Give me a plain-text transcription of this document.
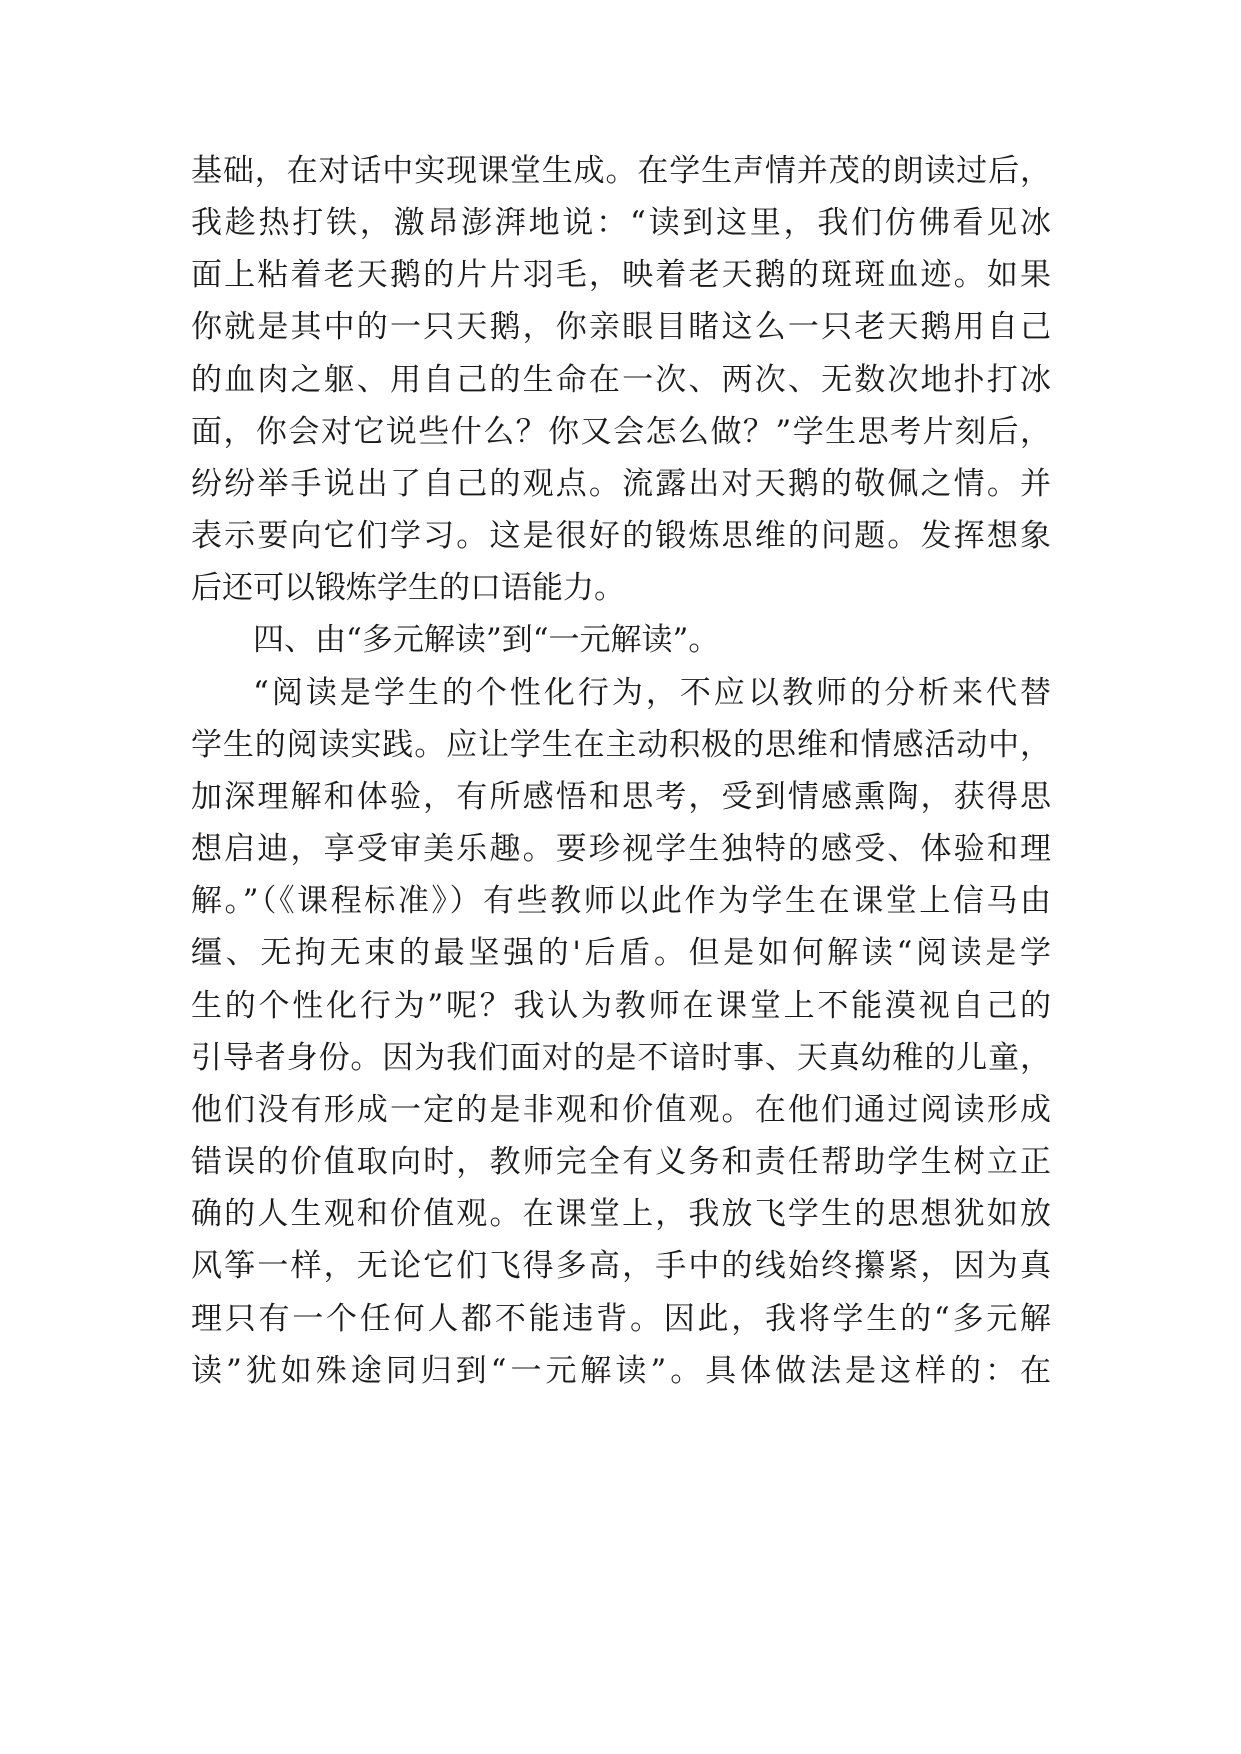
基础，在对话中实现课堂生成。在学生声情并茂的朗读过后，
我趁热打铁，激昂澎湃地说：“读到这里，我们仿佛看见冰
面上粘着老天鹅的片片羽毛，映着老天鹅的斑斑血迹。如果
你就是其中的一只天鹅，你亲眼目睹这么一只老天鹅用自己
的血肉之躯、用自己的生命在一次、两次、无数次地扑打冰
面，你会对它说些什么？你又会怎么做？”学生思考片刻后，
纷纷举手说出了自己的观点。流露出对天鹅的敬佩之情。并
表示要向它们学习。这是很好的锻炼思维的问题。发挥想象
后还可以锻炼学生的口语能力。
四、由“多元解读”到“一元解读”。
“阅读是学生的个性化行为，不应以教师的分析来代替
学生的阅读实践。应让学生在主动积极的思维和情感活动中，
加深理解和体验，有所感悟和思考，受到情感熏陶，获得思
想启迪，享受审美乐趣。要珍视学生独特的感受、体验和理
解。”（《课程标准》）有些教师以此作为学生在课堂上信马由
缰、无拘无束的最坚强的'后盾。但是如何解读“阅读是学
生的个性化行为”呢？我认为教师在课堂上不能漠视自己的
引导者身份。因为我们面对的是不谙时事、天真幼稚的儿童，
他们没有形成一定的是非观和价值观。在他们通过阅读形成
错误的价值取向时，教师完全有义务和责任帮助学生树立正
确的人生观和价值观。在课堂上，我放飞学生的思想犹如放
风筝一样，无论它们飞得多高，手中的线始终攥紧，因为真
理只有一个任何人都不能违背。因此，我将学生的“多元解
读”犹如殊途同归到“一元解读”。具体做法是这样的：在
